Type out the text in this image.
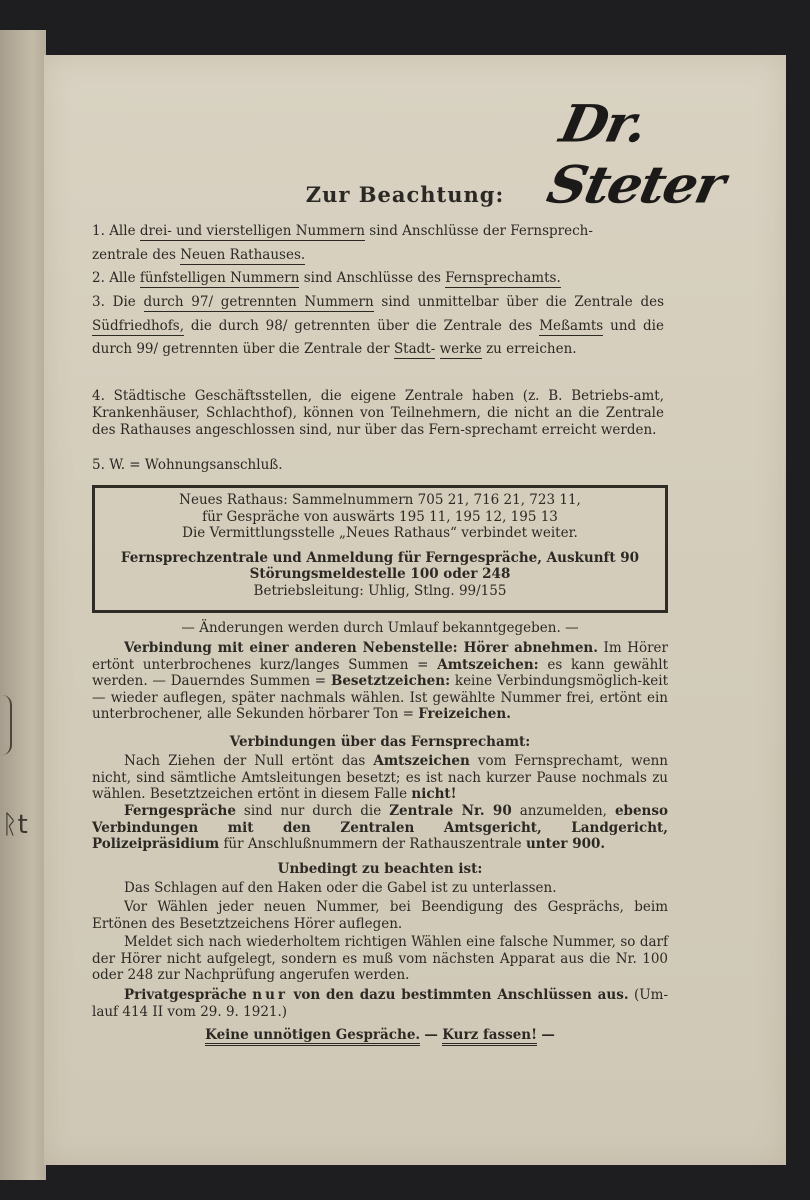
ᚱt
Dr. Steter
Zur Beachtung:
1. Alle drei- und vierstelligen Nummern sind Anschlüsse der Fernsprech-
zentrale des Neuen Rathauses.
2. Alle fünfstelligen Nummern sind Anschlüsse des Fernsprechamts.
3. Die durch 97/ getrennten Nummern sind unmittelbar über die Zentrale des Südfriedhofs, die durch 98/ getrennten über die Zentrale des Meßamts und die durch 99/ getrennten über die Zentrale der Stadt- werke zu erreichen.
4. Städtische Geschäftsstellen, die eigene Zentrale haben (z. B. Betriebs-amt, Krankenhäuser, Schlachthof), können von Teilnehmern, die nicht an die Zentrale des Rathauses angeschlossen sind, nur über das Fern-sprechamt erreicht werden.
5. W. = Wohnungsanschluß.
Neues Rathaus: Sammelnummern 705 21, 716 21, 723 11,
für Gespräche von auswärts 195 11, 195 12, 195 13
Die Vermittlungsstelle „Neues Rathaus“ verbindet weiter.
Fernsprechzentrale und Anmeldung für Ferngespräche, Auskunft 90
Störungsmeldestelle 100 oder 248
Betriebsleitung: Uhlig, Stlng. 99/155
— Änderungen werden durch Umlauf bekanntgegeben. —
Verbindung mit einer anderen Nebenstelle: Hörer abnehmen. Im Hörer ertönt unterbrochenes kurz/langes Summen = Amtszeichen: es kann gewählt werden. — Dauerndes Summen = Besetztzeichen: keine Verbindungsmöglich-keit — wieder auflegen, später nachmals wählen. Ist gewählte Nummer frei, ertönt ein unterbrochener, alle Sekunden hörbarer Ton = Freizeichen.
Verbindungen über das Fernsprechamt:
Nach Ziehen der Null ertönt das Amtszeichen vom Fernsprechamt, wenn nicht, sind sämtliche Amtsleitungen besetzt; es ist nach kurzer Pause nochmals zu wählen. Besetztzeichen ertönt in diesem Falle nicht!
Ferngespräche sind nur durch die Zentrale Nr. 90 anzumelden, ebenso Verbindungen mit den Zentralen Amtsgericht, Landgericht, Polizeipräsidium für Anschlußnummern der Rathauszentrale unter 900.
Unbedingt zu beachten ist:
Das Schlagen auf den Haken oder die Gabel ist zu unterlassen.
Vor Wählen jeder neuen Nummer, bei Beendigung des Gesprächs, beim Ertönen des Besetztzeichens Hörer auflegen.
Meldet sich nach wiederholtem richtigen Wählen eine falsche Nummer, so darf der Hörer nicht aufgelegt, sondern es muß vom nächsten Apparat aus die Nr. 100 oder 248 zur Nachprüfung angerufen werden.
Privatgespräche nur von den dazu bestimmten Anschlüssen aus. (Um-lauf 414 II vom 29. 9. 1921.)
Keine unnötigen Gespräche. — Kurz fassen! —
